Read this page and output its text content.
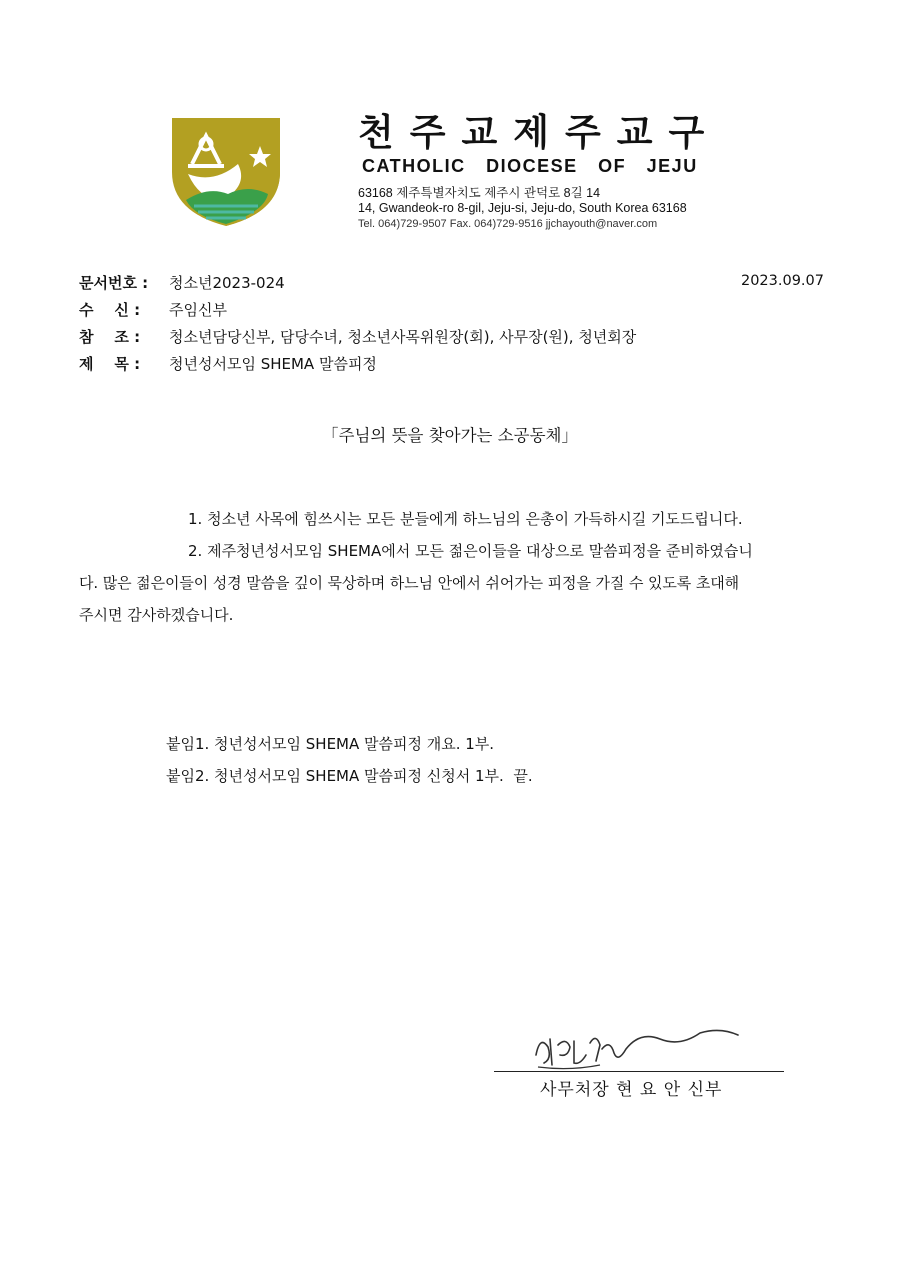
천주교제주교구
CATHOLIC DIOCESE OF JEJU
63168 제주특별자치도 제주시 관덕로 8길 14
14, Gwandeok-ro 8-gil, Jeju-si, Jeju-do, South Korea 63168
Tel. 064)729-9507 Fax. 064)729-9516 jjchayouth@naver.com
문서번호 :	청소년2023-024	2023.09.07
수    신 :	주임신부
참    조 :	청소년담당신부, 담당수녀, 청소년사목위원장(회), 사무장(원), 청년회장
제    목 :	청년성서모임 SHEMA 말씀피정
「주님의 뜻을 찾아가는 소공동체」
1. 청소년 사목에 힘쓰시는 모든 분들에게 하느님의 은총이 가득하시길 기도드립니다.
2. 제주청년성서모임 SHEMA에서 모든 젊은이들을 대상으로 말씀피정을 준비하였습니
다. 많은 젊은이들이 성경 말씀을 깊이 묵상하며 하느님 안에서 쉬어가는 피정을 가질 수 있도록 초대해
주시면 감사하겠습니다.
붙임1. 청년성서모임 SHEMA 말씀피정 개요. 1부.
붙임2. 청년성서모임 SHEMA 말씀피정 신청서 1부.  끝.
사무처장 현 요 안 신부
